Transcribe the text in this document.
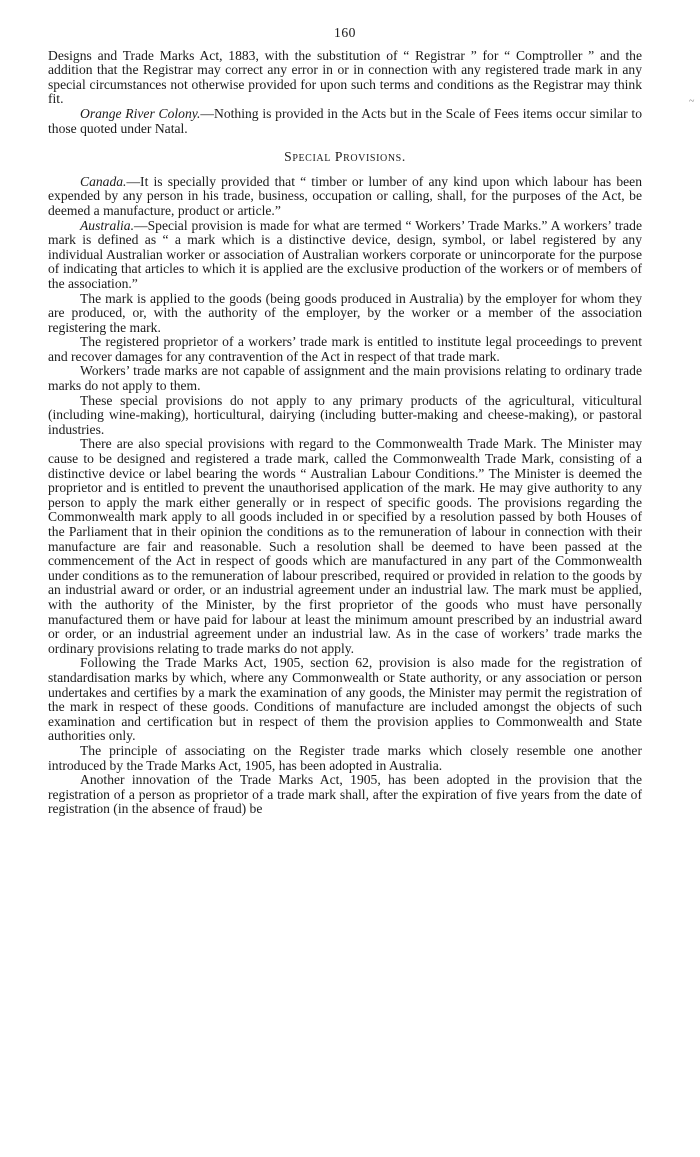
~
160

Designs and Trade Marks Act, 1883, with the substitution of “ Registrar ” for “ Comptroller ” and the addition that the Registrar may correct any error in or in connection with any registered trade mark in any special circumstances not otherwise provided for upon such terms and conditions as the Registrar may think fit.

Orange River Colony.—Nothing is provided in the Acts but in the Scale of Fees items occur similar to those quoted under Natal.

Special Provisions.

Canada.—It is specially provided that “ timber or lumber of any kind upon which labour has been expended by any person in his trade, business, occupation or calling, shall, for the purposes of the Act, be deemed a manufacture, product or article.”

Australia.—Special provision is made for what are termed “ Workers’ Trade Marks.” A workers’ trade mark is defined as “ a mark which is a distinctive device, design, symbol, or label registered by any individual Australian worker or association of Australian workers corporate or unincorporate for the purpose of indicating that articles to which it is applied are the exclusive production of the workers or of members of the association.”

The mark is applied to the goods (being goods produced in Australia) by the employer for whom they are produced, or, with the authority of the employer, by the worker or a member of the association registering the mark.

The registered proprietor of a workers’ trade mark is entitled to institute legal proceedings to prevent and recover damages for any contravention of the Act in respect of that trade mark.

Workers’ trade marks are not capable of assignment and the main provisions relating to ordinary trade marks do not apply to them.

These special provisions do not apply to any primary products of the agricultural, viticultural (including wine-making), horticultural, dairying (including butter-making and cheese-making), or pastoral industries.

There are also special provisions with regard to the Commonwealth Trade Mark. The Minister may cause to be designed and registered a trade mark, called the Commonwealth Trade Mark, consisting of a distinctive device or label bearing the words “ Australian Labour Conditions.” The Minister is deemed the proprietor and is entitled to prevent the unauthorised application of the mark. He may give authority to any person to apply the mark either generally or in respect of specific goods. The provisions regarding the Commonwealth mark apply to all goods included in or specified by a resolution passed by both Houses of the Parliament that in their opinion the conditions as to the remuneration of labour in connection with their manufacture are fair and reasonable. Such a resolution shall be deemed to have been passed at the commencement of the Act in respect of goods which are manufactured in any part of the Commonwealth under conditions as to the remuneration of labour prescribed, required or provided in relation to the goods by an industrial award or order, or an industrial agreement under an industrial law. The mark must be applied, with the authority of the Minister, by the first proprietor of the goods who must have personally manufactured them or have paid for labour at least the minimum amount prescribed by an industrial award or order, or an industrial agreement under an industrial law. As in the case of workers’ trade marks the ordinary provisions relating to trade marks do not apply.

Following the Trade Marks Act, 1905, section 62, provision is also made for the registration of standardisation marks by which, where any Commonwealth or State authority, or any association or person undertakes and certifies by a mark the examination of any goods, the Minister may permit the registration of the mark in respect of these goods. Conditions of manufacture are included amongst the objects of such examination and certification but in respect of them the provision applies to Commonwealth and State authorities only.

The principle of associating on the Register trade marks which closely resemble one another introduced by the Trade Marks Act, 1905, has been adopted in Australia.

Another innovation of the Trade Marks Act, 1905, has been adopted in the provision that the registration of a person as proprietor of a trade mark shall, after the expiration of five years from the date of registration (in the absence of fraud) be
